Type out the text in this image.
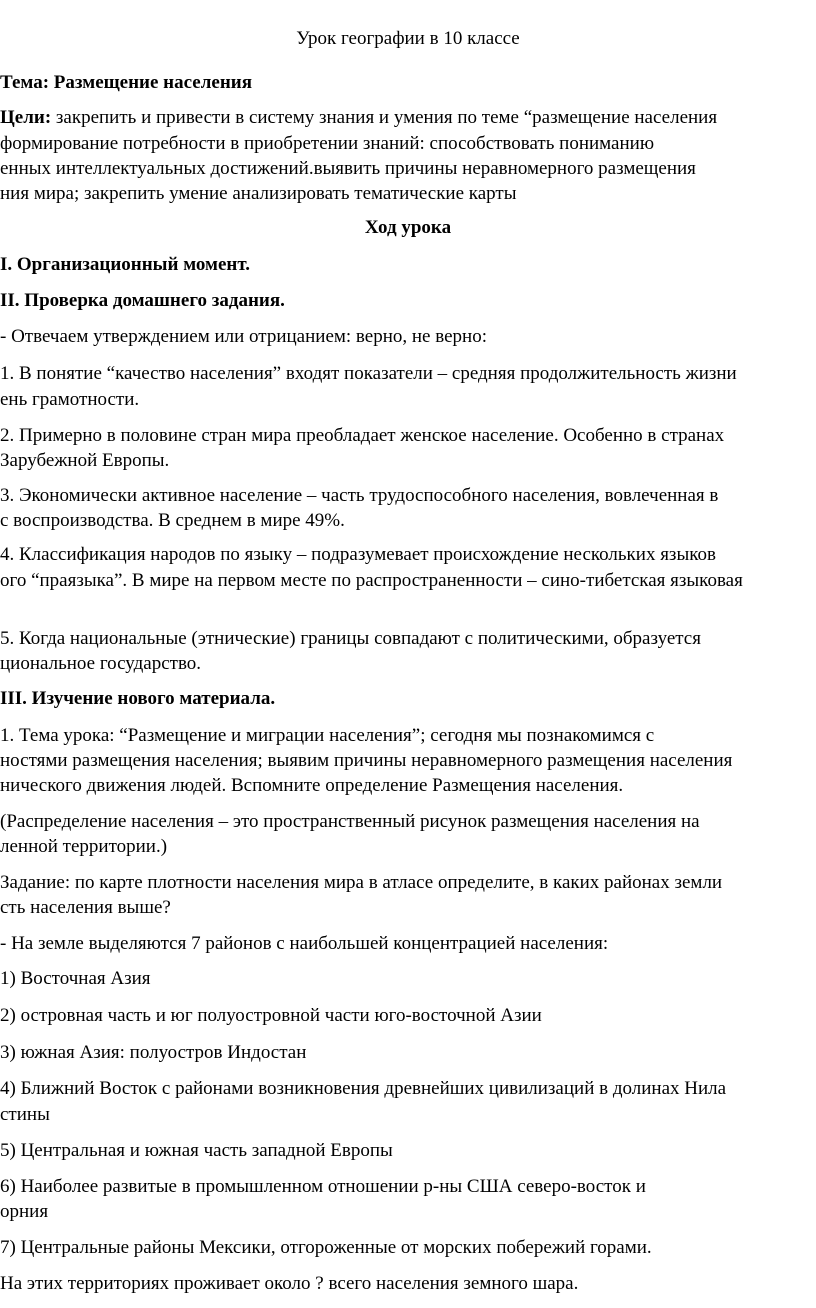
Урок географии в 10 классе

Тема: Размещение населения

Цели: закрепить и привести в систему знания и умения по теме “размещение населения

формирование потребности в приобретении знаний: способствовать пониманию

енных интеллектуальных достижений.выявить причины неравномерного размещения

ния мира; закрепить умение анализировать тематические карты

Ход урока

I. Организационный момент.

II. Проверка домашнего задания.

- Отвечаем утверждением или отрицанием: верно, не верно:

1. В понятие “качество населения” входят показатели – средняя продолжительность жизни

ень грамотности.

2. Примерно в половине стран мира преобладает женское население. Особенно в странах

Зарубежной Европы.

3. Экономически активное население – часть трудоспособного населения, вовлеченная в

с воспроизводства. В среднем в мире 49%.

4. Классификация народов по языку – подразумевает происхождение нескольких языков

ого “праязыка”. В мире на первом месте по распространенности – сино-тибетская языковая

5. Когда национальные (этнические) границы совпадают с политическими, образуется

циональное государство.

III. Изучение нового материала.

1. Тема урока: “Размещение и миграции населения”; сегодня мы познакомимся с

ностями размещения населения; выявим причины неравномерного размещения населения

нического движения людей. Вспомните определение Размещения населения.

(Распределение населения – это пространственный рисунок размещения населения на

ленной территории.)

Задание: по карте плотности населения мира в атласе определите, в каких районах земли

сть населения выше?

- На земле выделяются 7 районов с наибольшей концентрацией населения:

1) Восточная Азия

2) островная часть и юг полуостровной части юго-восточной Азии

3) южная Азия: полуостров Индостан

4) Ближний Восток с районами возникновения древнейших цивилизаций в долинах Нила

стины

5) Центральная и южная часть западной Европы

6) Наиболее развитые в промышленном отношении р-ны США северо-восток и

орния

7) Центральные районы Мексики, отгороженные от морских побережий горами.

На этих территориях проживает около ? всего населения земного шара.
